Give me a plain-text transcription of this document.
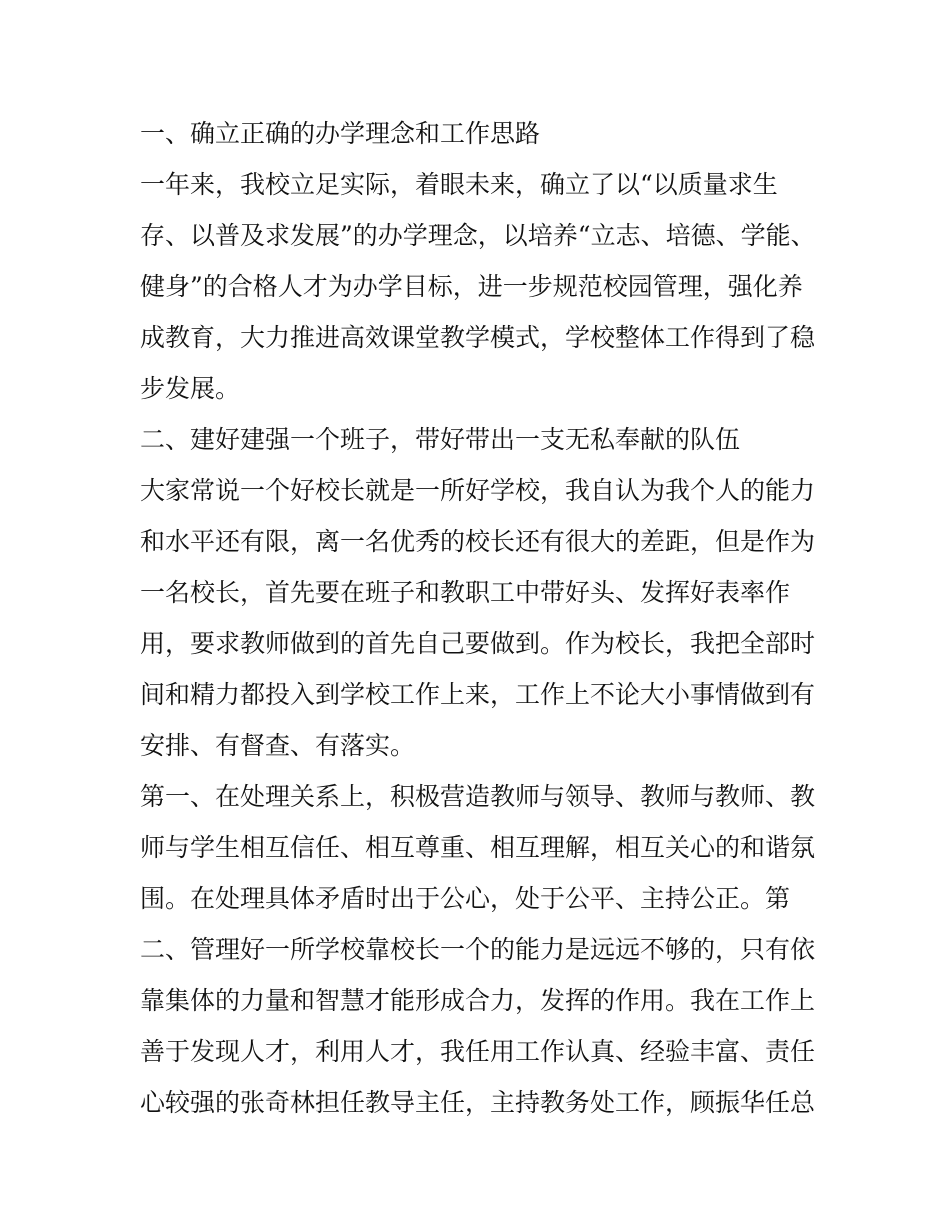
一、确立正确的办学理念和工作思路
一年来，我校立足实际，着眼未来，确立了以“以质量求生
存、以普及求发展”的办学理念，以培养“立志、培德、学能、
健身”的合格人才为办学目标，进一步规范校园管理，强化养
成教育，大力推进高效课堂教学模式，学校整体工作得到了稳
步发展。
二、建好建强一个班子，带好带出一支无私奉献的队伍
大家常说一个好校长就是一所好学校，我自认为我个人的能力
和水平还有限，离一名优秀的校长还有很大的差距，但是作为
一名校长，首先要在班子和教职工中带好头、发挥好表率作
用，要求教师做到的首先自己要做到。作为校长，我把全部时
间和精力都投入到学校工作上来，工作上不论大小事情做到有
安排、有督查、有落实。
第一、在处理关系上，积极营造教师与领导、教师与教师、教
师与学生相互信任、相互尊重、相互理解，相互关心的和谐氛
围。在处理具体矛盾时出于公心，处于公平、主持公正。第
二、管理好一所学校靠校长一个的能力是远远不够的，只有依
靠集体的力量和智慧才能形成合力，发挥的作用。我在工作上
善于发现人才，利用人才，我任用工作认真、经验丰富、责任
心较强的张奇林担任教导主任，主持教务处工作，顾振华任总
